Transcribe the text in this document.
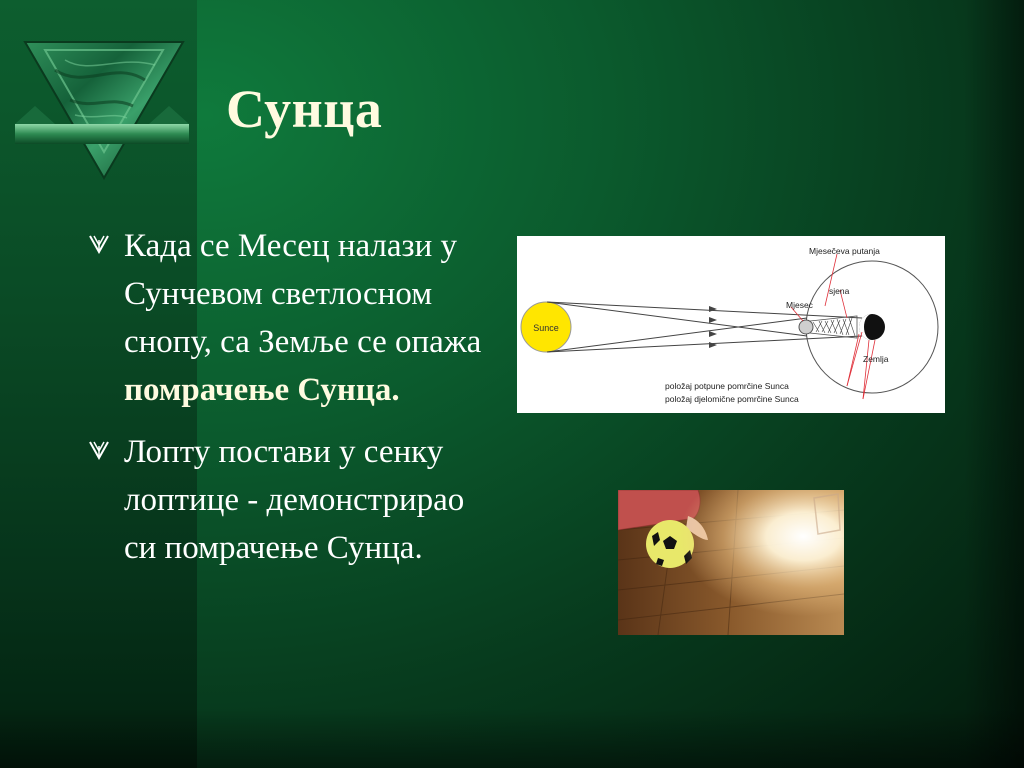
Сунца
Када се Месец налази у Сунчевом светлосном снопу, са Земље се опажа помрачење Сунца.
Лопту постави у сенку лоптице - демонстрирао си помрачење Сунца.
Sunce
Mjesečeva putanja
sjena
Mjesec
Zemlja
položaj potpune pomrčine Sunca
položaj djelomične pomrčine Sunca
